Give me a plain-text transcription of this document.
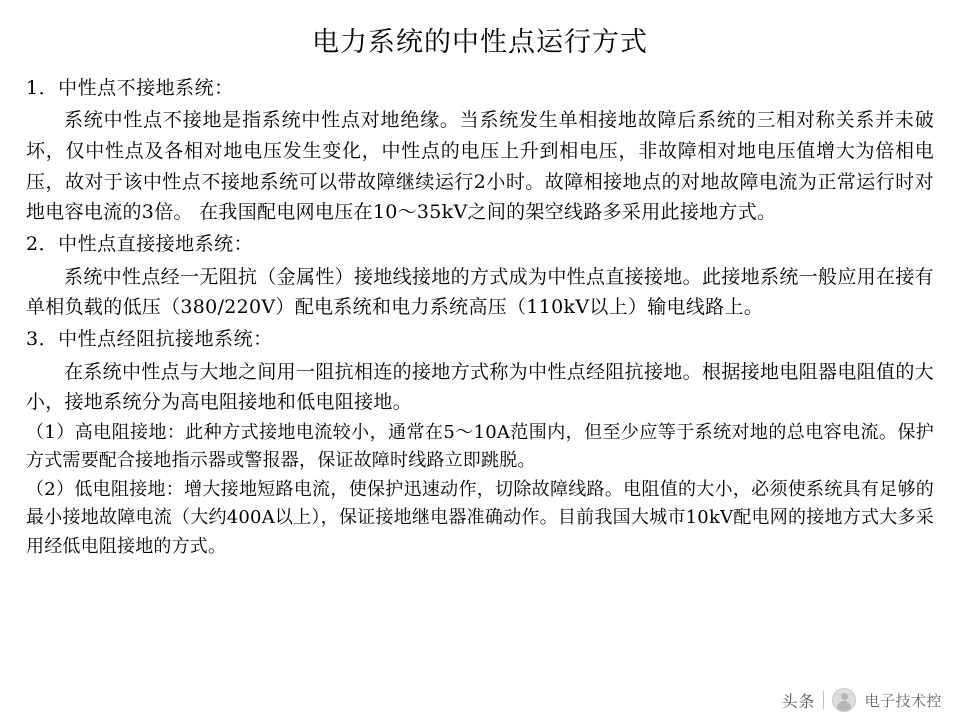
电力系统的中性点运行方式

1．中性点不接地系统：

系统中性点不接地是指系统中性点对地绝缘。当系统发生单相接地故障后系统的三相对称关系并未破坏，仅中性点及各相对地电压发生变化，中性点的电压上升到相电压，非故障相对地电压值增大为倍相电压，故对于该中性点不接地系统可以带故障继续运行2小时。故障相接地点的对地故障电流为正常运行时对地电容电流的3倍。 在我国配电网电压在10～35kV之间的架空线路多采用此接地方式。

2．中性点直接接地系统：

系统中性点经一无阻抗（金属性）接地线接地的方式成为中性点直接接地。此接地系统一般应用在接有单相负载的低压（380/220V）配电系统和电力系统高压（110kV以上）输电线路上。

3．中性点经阻抗接地系统：

在系统中性点与大地之间用一阻抗相连的接地方式称为中性点经阻抗接地。根据接地电阻器电阻值的大小，接地系统分为高电阻接地和低电阻接地。

（1）高电阻接地：此种方式接地电流较小，通常在5～10A范围内，但至少应等于系统对地的总电容电流。保护方式需要配合接地指示器或警报器，保证故障时线路立即跳脱。

（2）低电阻接地：增大接地短路电流，使保护迅速动作，切除故障线路。电阻值的大小，必须使系统具有足够的最小接地故障电流（大约400A以上），保证接地继电器准确动作。目前我国大城市10kV配电网的接地方式大多采用经低电阻接地的方式。

头条	电子技术控
